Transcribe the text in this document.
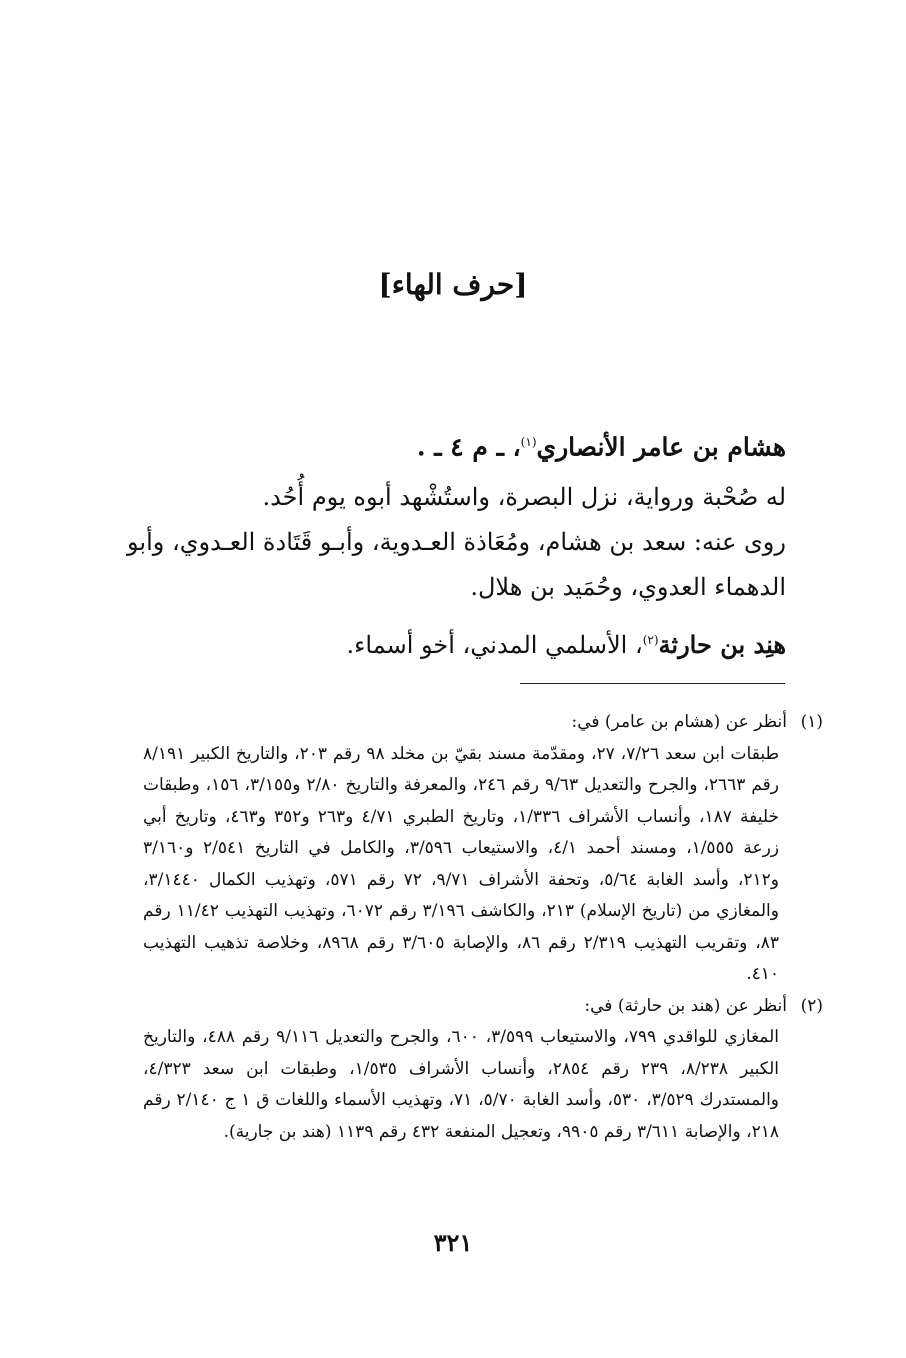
[حرف الهاء]
هشام بن عامر الأنصاري$^{(١)}$، ـ م ٤ ـ .

له صُحْبة ورواية، نزل البصرة، واستُشْهد أبوه يوم أُحُد.

روى عنه: سعد بن هشام، ومُعَاذة العـدوية، وأبـو قَتَادة العـدوي، وأبو

الدهماء العدوي، وحُمَيد بن هلال.

هنِد بن حارثة$^{(٢)}$، الأسلمي المدني، أخو أسماء.
(١)أنظر عن (هشام بن عامر) في:
طبقات ابن سعد ٧/٢٦، ٢٧، ومقدّمة مسند بقيّ بن مخلد ٩٨ رقم ٢٠٣، والتاريخ الكبير ٨/١٩١ رقم ٢٦٦٣، والجرح والتعديل ٩/٦٣ رقم ٢٤٦، والمعرفة والتاريخ ٢/٨٠ و٣/١٥٥، ١٥٦، وطبقات خليفة ١٨٧، وأنساب الأشراف ١/٣٣٦، وتاريخ الطبري ٤/٧١ و٢٦٣ و٣٥٢ و٤٦٣، وتاريخ أبي زرعة ١/٥٥٥، ومسند أحمد ٤/١، والاستيعاب ٣/٥٩٦، والكامل في التاريخ ٢/٥٤١ و٣/١٦٠ و٢١٢، وأسد الغابة ٥/٦٤، وتحفة الأشراف ٩/٧١، ٧٢ رقم ٥٧١، وتهذيب الكمال ٣/١٤٤٠، والمغازي من (تاريخ الإسلام) ٢١٣، والكاشف ٣/١٩٦ رقم ٦٠٧٢، وتهذيب التهذيب ١١/٤٢ رقم ٨٣، وتقريب التهذيب ٢/٣١٩ رقم ٨٦، والإصابة ٣/٦٠٥ رقم ٨٩٦٨، وخلاصة تذهيب التهذيب ٤١٠.
(٢)أنظر عن (هند بن حارثة) في:
المغازي للواقدي ٧٩٩، والاستيعاب ٣/٥٩٩، ٦٠٠، والجرح والتعديل ٩/١١٦ رقم ٤٨٨، والتاريخ الكبير ٨/٢٣٨، ٢٣٩ رقم ٢٨٥٤، وأنساب الأشراف ١/٥٣٥، وطبقات ابن سعد ٤/٣٢٣، والمستدرك ٣/٥٢٩، ٥٣٠، وأسد الغابة ٥/٧٠، ٧١، وتهذيب الأسماء واللغات ق ١ ج ٢/١٤٠ رقم ٢١٨، والإصابة ٣/٦١١ رقم ٩٩٠٥، وتعجيل المنفعة ٤٣٢ رقم ١١٣٩ (هند بن جارية).
٣٢١
